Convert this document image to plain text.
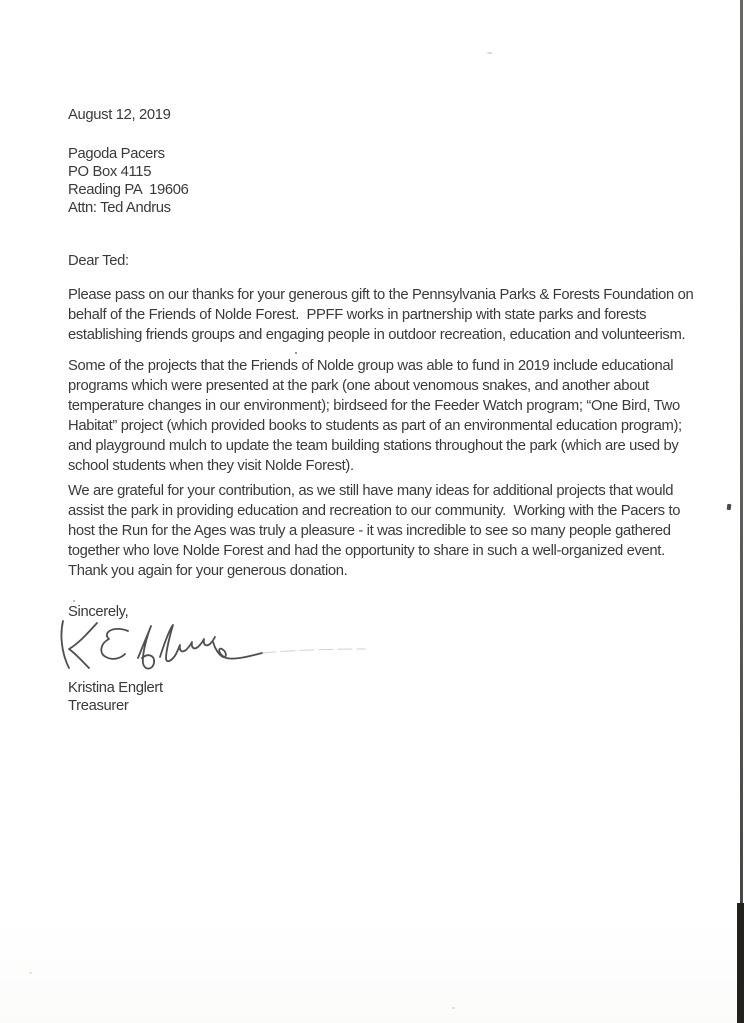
August 12, 2019
Pagoda Pacers
PO Box 4115
Reading PA  19606
Attn: Ted Andrus
Dear Ted:
Please pass on our thanks for your generous gift to the Pennsylvania Parks & Forests Foundation on
behalf of the Friends of Nolde Forest.  PPFF works in partnership with state parks and forests
establishing friends groups and engaging people in outdoor recreation, education and volunteerism.
Some of the projects that the Friends of Nolde group was able to fund in 2019 include educational
programs which were presented at the park (one about venomous snakes, and another about
temperature changes in our environment); birdseed for the Feeder Watch program; “One Bird, Two
Habitat” project (which provided books to students as part of an environmental education program);
and playground mulch to update the team building stations throughout the park (which are used by
school students when they visit Nolde Forest).
We are grateful for your contribution, as we still have many ideas for additional projects that would
assist the park in providing education and recreation to our community.  Working with the Pacers to
host the Run for the Ages was truly a pleasure - it was incredible to see so many people gathered
together who love Nolde Forest and had the opportunity to share in such a well-organized event.
Thank you again for your generous donation.
Sincerely,
Kristina Englert
Treasurer
